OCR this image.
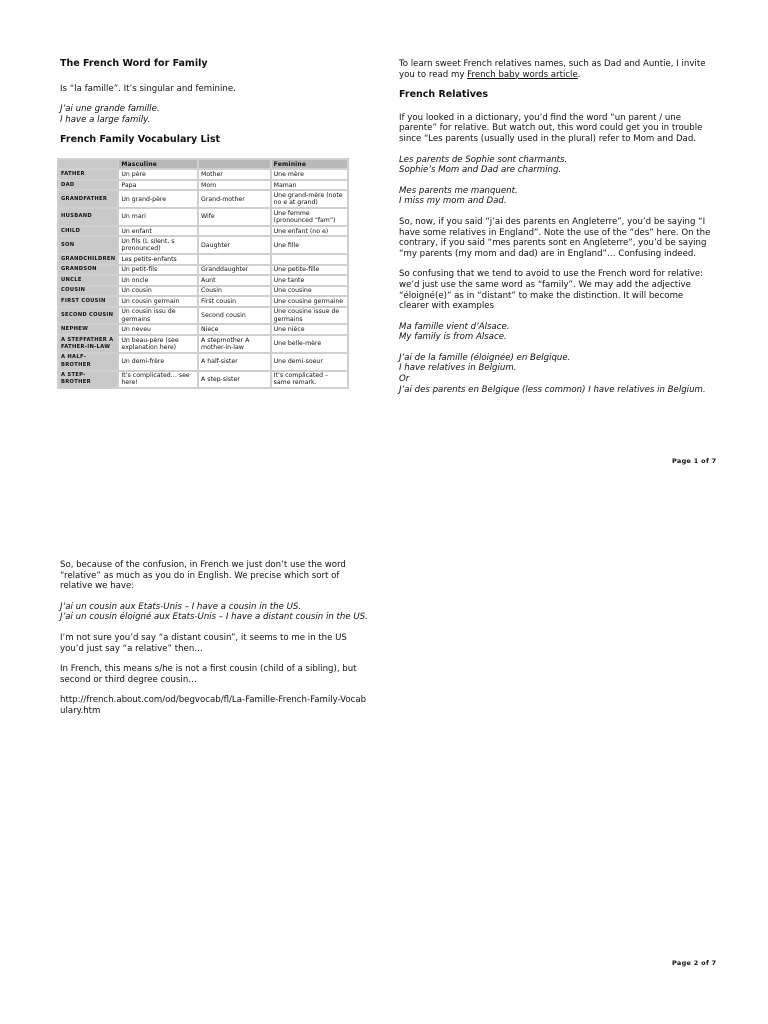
The French Word for Family

Is “la famille”. It’s singular and feminine.

J’ai une grande famille.
I have a large family.

French Family Vocabulary List
	Masculine		Feminine
FATHER	Un père	Mother	Une mère
DAD	Papa	Mom	Maman
GRANDFATHER	Un grand-père	Grand-mother	Une grand-mère (note no e at grand)
HUSBAND	Un mari	Wife	Une femme (pronounced “fam”)
CHILD	Un enfant		Une enfant (no e)
SON	Un fils (L silent, s pronounced)	Daughter	Une fille
GRANDCHILDREN	Les petits-enfants		
GRANDSON	Un petit-fils	Granddaughter	Une petite-fille
UNCLE	Un oncle	Aunt	Une tante
COUSIN	Un cousin	Cousin	Une cousine
FIRST COUSIN	Un cousin germain	First cousin	Une cousine germaine
SECOND COUSIN	Un cousin issu de germains	Second cousin	Une cousine issue de germains
NEPHEW	Un neveu	Niece	Une nièce
A STEPFATHER A FATHER-IN-LAW	Un beau-père (see explanation here)	A stepmother A mother-in-law	Une belle-mère
A HALF-BROTHER	Un demi-frère	A half-sister	Une demi-soeur
A STEP-BROTHER	It’s complicated… see here!	A step-sister	It’s complicated – same remark.

To learn sweet French relatives names, such as Dad and Auntie, I invite you to read my French baby words article.

French Relatives

If you looked in a dictionary, you’d find the word “un parent / une parente” for relative. But watch out, this word could get you in trouble since “Les parents (usually used in the plural) refer to Mom and Dad.

Les parents de Sophie sont charmants.
Sophie’s Mom and Dad are charming.

Mes parents me manquent.
I miss my mom and Dad.

So, now, if you said “j’ai des parents en Angleterre”, you’d be saying “I have some relatives in England”. Note the use of the “des” here. On the contrary, if you said “mes parents sont en Angleterre”, you’d be saying “my parents (my mom and dad) are in England”… Confusing indeed.

So confusing that we tend to avoid to use the French word for relative: we’d just use the same word as “family”. We may add the adjective “éloigné(e)” as in “distant” to make the distinction. It will become clearer with examples

Ma famille vient d’Alsace.
My family is from Alsace.

J’ai de la famille (éloignée) en Belgique.
I have relatives in Belgium.
Or
J’ai des parents en Belgique (less common) I have relatives in Belgium.

Page 1 of 7

So, because of the confusion, in French we just don’t use the word “relative” as much as you do in English. We precise which sort of relative we have:

J’ai un cousin aux Etats-Unis – I have a cousin in the US.
J’ai un cousin éloigné aux Etats-Unis – I have a distant cousin in the US.

I’m not sure you’d say “a distant cousin”, it seems to me in the US you’d just say “a relative” then…

In French, this means s/he is not a first cousin (child of a sibling), but second or third degree cousin…

http://french.about.com/od/begvocab/fl/La-Famille-French-Family-Vocabulary.htm

Page 2 of 7
